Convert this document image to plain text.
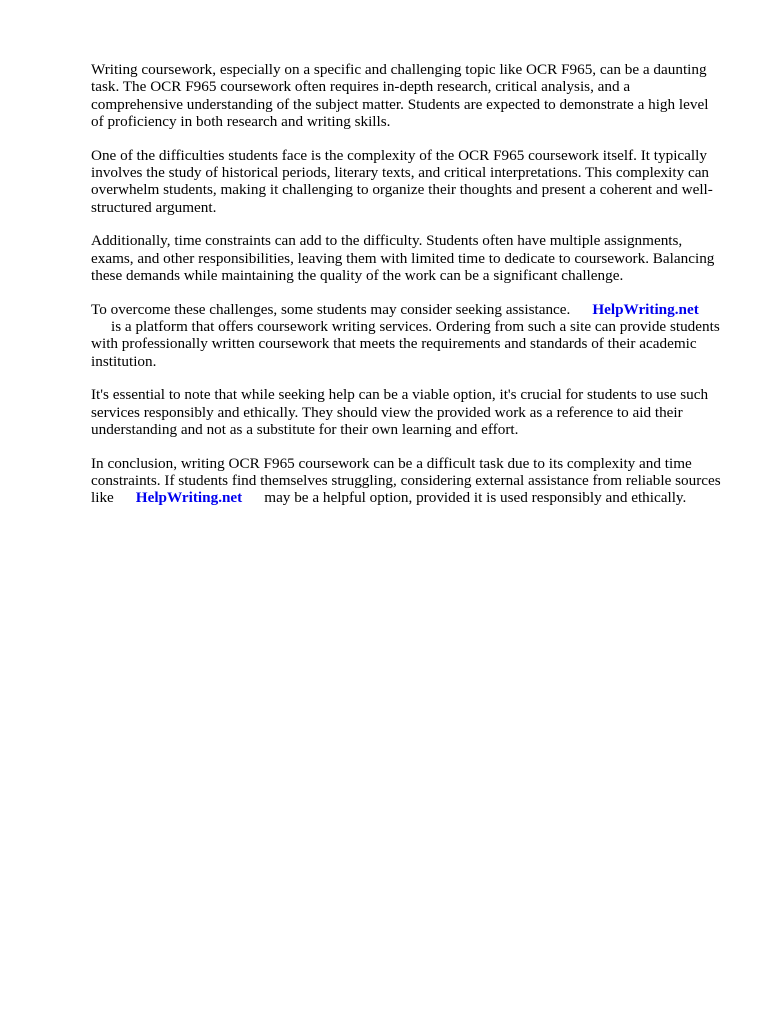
Writing coursework, especially on a specific and challenging topic like OCR F965, can be a daunting task. The OCR F965 coursework often requires in-depth research, critical analysis, and a comprehensive understanding of the subject matter. Students are expected to demonstrate a high level of proficiency in both research and writing skills.

One of the difficulties students face is the complexity of the OCR F965 coursework itself. It typically involves the study of historical periods, literary texts, and critical interpretations. This complexity can overwhelm students, making it challenging to organize their thoughts and present a coherent and well-structured argument.

Additionally, time constraints can add to the difficulty. Students often have multiple assignments, exams, and other responsibilities, leaving them with limited time to dedicate to coursework. Balancing these demands while maintaining the quality of the work can be a significant challenge.

To overcome these challenges, some students may consider seeking assistance. HelpWriting.net
is a platform that offers coursework writing services. Ordering from such a site can provide students with professionally written coursework that meets the requirements and standards of their academic institution.

It's essential to note that while seeking help can be a viable option, it's crucial for students to use such services responsibly and ethically. They should view the provided work as a reference to aid their understanding and not as a substitute for their own learning and effort.

In conclusion, writing OCR F965 coursework can be a difficult task due to its complexity and time constraints. If students find themselves struggling, considering external assistance from reliable sources like HelpWriting.net may be a helpful option, provided it is used responsibly and ethically.
